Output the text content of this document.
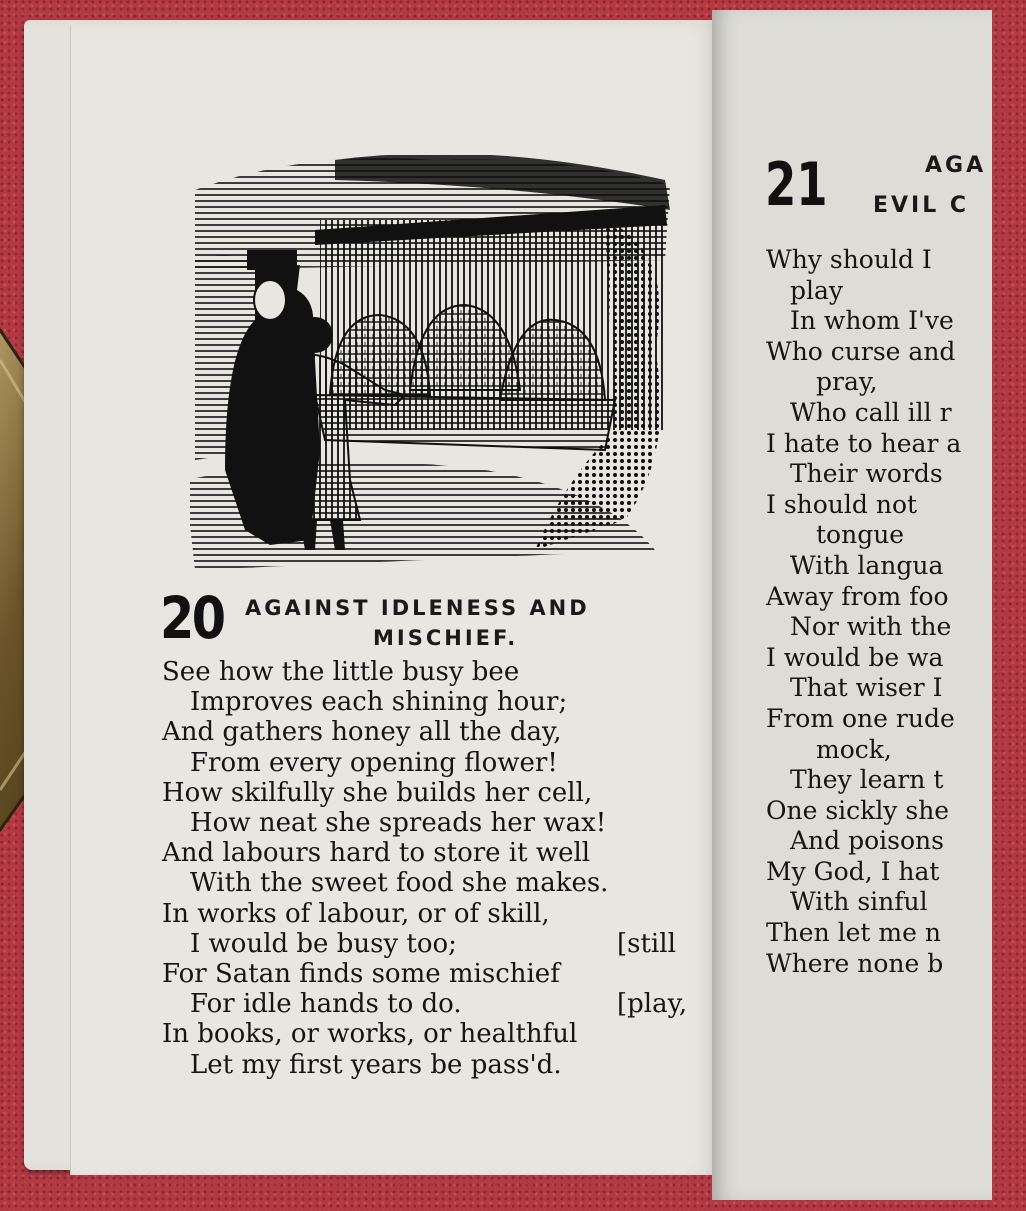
20 AGAINST IDLENESS AND
MISCHIEF.
See how the little busy bee
Improves each shining hour;
And gathers honey all the day,
From every opening flower!
How skilfully she builds her cell,
How neat she spreads her wax!
And labours hard to store it well
With the sweet food she makes.
In works of labour, or of skill,
I would be busy too;	[still
For Satan finds some mischief
For idle hands to do.	[play,
In books, or works, or healthful
Let my first years be pass'd.
21	AGA
EVIL C
Why should I
play
In whom I've
Who curse and
pray,
Who call ill r
I hate to hear a
Their words
I should not
tongue
With langua
Away from foo
Nor with the
I would be wa
That wiser I
From one rude
mock,
They learn t
One sickly she
And poisons
My God, I hat
With sinful
Then let me n
Where none b
